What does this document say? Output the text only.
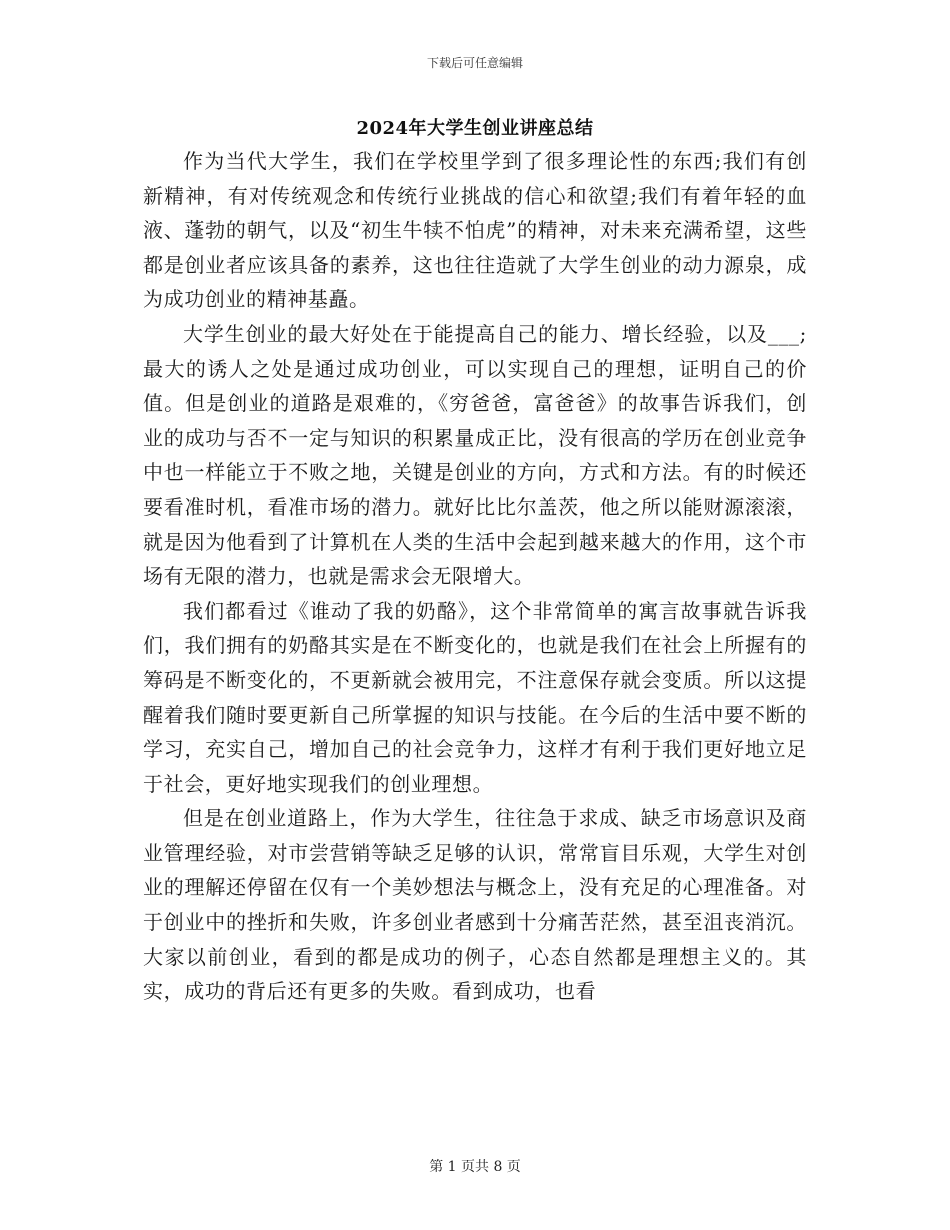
下载后可任意编辑
2024年大学生创业讲座总结

作为当代大学生，我们在学校里学到了很多理论性的东西;我们有创新精神，有对传统观念和传统行业挑战的信心和欲望;我们有着年轻的血液、蓬勃的朝气，以及“初生牛犊不怕虎”的精神，对未来充满希望，这些都是创业者应该具备的素养，这也往往造就了大学生创业的动力源泉，成为成功创业的精神基矗。

大学生创业的最大好处在于能提高自己的能力、增长经验，以及___;最大的诱人之处是通过成功创业，可以实现自己的理想，证明自己的价值。但是创业的道路是艰难的，《穷爸爸，富爸爸》的故事告诉我们，创业的成功与否不一定与知识的积累量成正比，没有很高的学历在创业竞争中也一样能立于不败之地，关键是创业的方向，方式和方法。有的时候还要看准时机，看准市场的潜力。就好比比尔盖茨，他之所以能财源滚滚，就是因为他看到了计算机在人类的生活中会起到越来越大的作用，这个市场有无限的潜力，也就是需求会无限增大。

我们都看过《谁动了我的奶酪》，这个非常简单的寓言故事就告诉我们，我们拥有的奶酪其实是在不断变化的，也就是我们在社会上所握有的筹码是不断变化的，不更新就会被用完，不注意保存就会变质。所以这提醒着我们随时要更新自己所掌握的知识与技能。在今后的生活中要不断的学习，充实自己，增加自己的社会竞争力，这样才有利于我们更好地立足于社会，更好地实现我们的创业理想。

但是在创业道路上，作为大学生，往往急于求成、缺乏市场意识及商业管理经验，对市尝营销等缺乏足够的认识，常常盲目乐观，大学生对创业的理解还停留在仅有一个美妙想法与概念上，没有充足的心理准备。对于创业中的挫折和失败，许多创业者感到十分痛苦茫然，甚至沮丧消沉。大家以前创业，看到的都是成功的例子，心态自然都是理想主义的。其实，成功的背后还有更多的失败。看到成功，也看

第 1 页共 8 页
